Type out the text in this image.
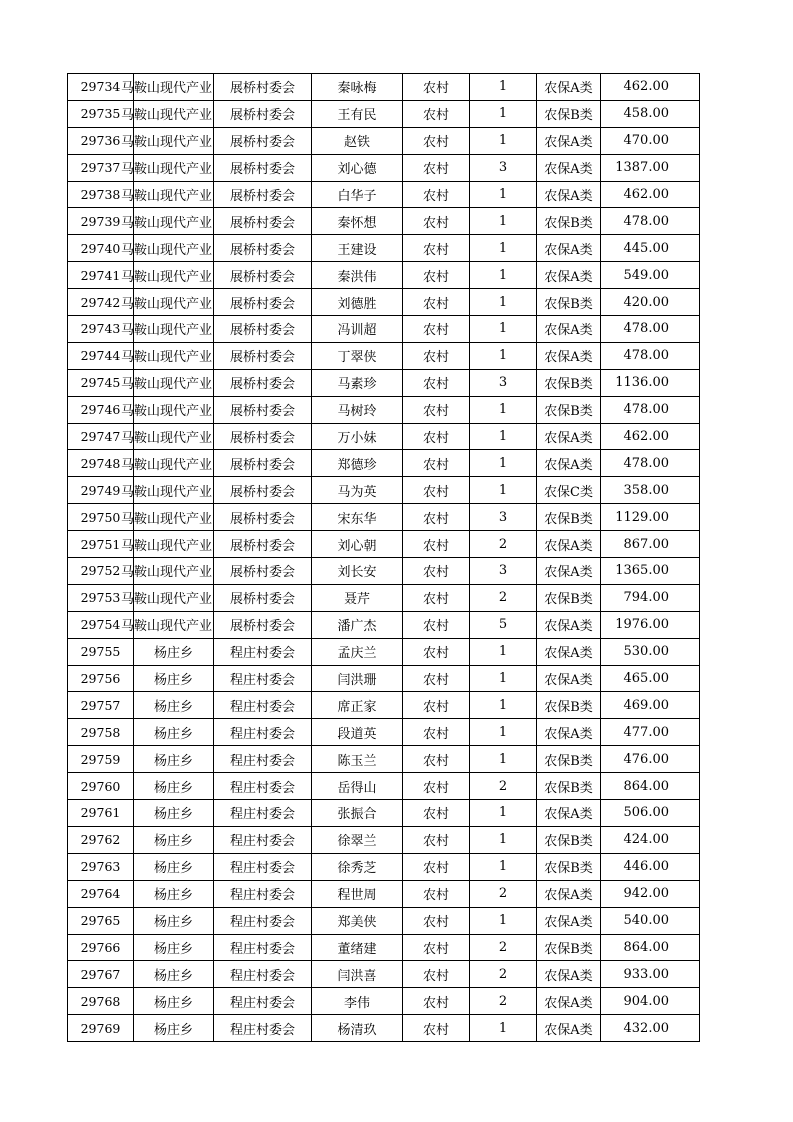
29734	马鞍山现代产业	展桥村委会	秦咏梅	农村	1	农保A类	462.00
29735	马鞍山现代产业	展桥村委会	王有民	农村	1	农保B类	458.00
29736	马鞍山现代产业	展桥村委会	赵铁	农村	1	农保A类	470.00
29737	马鞍山现代产业	展桥村委会	刘心德	农村	3	农保A类	1387.00
29738	马鞍山现代产业	展桥村委会	白华子	农村	1	农保A类	462.00
29739	马鞍山现代产业	展桥村委会	秦怀想	农村	1	农保B类	478.00
29740	马鞍山现代产业	展桥村委会	王建设	农村	1	农保A类	445.00
29741	马鞍山现代产业	展桥村委会	秦洪伟	农村	1	农保A类	549.00
29742	马鞍山现代产业	展桥村委会	刘德胜	农村	1	农保B类	420.00
29743	马鞍山现代产业	展桥村委会	冯训超	农村	1	农保A类	478.00
29744	马鞍山现代产业	展桥村委会	丁翠侠	农村	1	农保A类	478.00
29745	马鞍山现代产业	展桥村委会	马素珍	农村	3	农保B类	1136.00
29746	马鞍山现代产业	展桥村委会	马树玲	农村	1	农保B类	478.00
29747	马鞍山现代产业	展桥村委会	万小妹	农村	1	农保A类	462.00
29748	马鞍山现代产业	展桥村委会	郑德珍	农村	1	农保A类	478.00
29749	马鞍山现代产业	展桥村委会	马为英	农村	1	农保C类	358.00
29750	马鞍山现代产业	展桥村委会	宋东华	农村	3	农保B类	1129.00
29751	马鞍山现代产业	展桥村委会	刘心朝	农村	2	农保A类	867.00
29752	马鞍山现代产业	展桥村委会	刘长安	农村	3	农保A类	1365.00
29753	马鞍山现代产业	展桥村委会	聂芹	农村	2	农保B类	794.00
29754	马鞍山现代产业	展桥村委会	潘广杰	农村	5	农保A类	1976.00
29755	杨庄乡	程庄村委会	孟庆兰	农村	1	农保A类	530.00
29756	杨庄乡	程庄村委会	闫洪珊	农村	1	农保A类	465.00
29757	杨庄乡	程庄村委会	席正家	农村	1	农保B类	469.00
29758	杨庄乡	程庄村委会	段道英	农村	1	农保A类	477.00
29759	杨庄乡	程庄村委会	陈玉兰	农村	1	农保B类	476.00
29760	杨庄乡	程庄村委会	岳得山	农村	2	农保B类	864.00
29761	杨庄乡	程庄村委会	张振合	农村	1	农保A类	506.00
29762	杨庄乡	程庄村委会	徐翠兰	农村	1	农保B类	424.00
29763	杨庄乡	程庄村委会	徐秀芝	农村	1	农保B类	446.00
29764	杨庄乡	程庄村委会	程世周	农村	2	农保A类	942.00
29765	杨庄乡	程庄村委会	郑美侠	农村	1	农保A类	540.00
29766	杨庄乡	程庄村委会	董绪建	农村	2	农保B类	864.00
29767	杨庄乡	程庄村委会	闫洪喜	农村	2	农保A类	933.00
29768	杨庄乡	程庄村委会	李伟	农村	2	农保A类	904.00
29769	杨庄乡	程庄村委会	杨清玖	农村	1	农保A类	432.00
